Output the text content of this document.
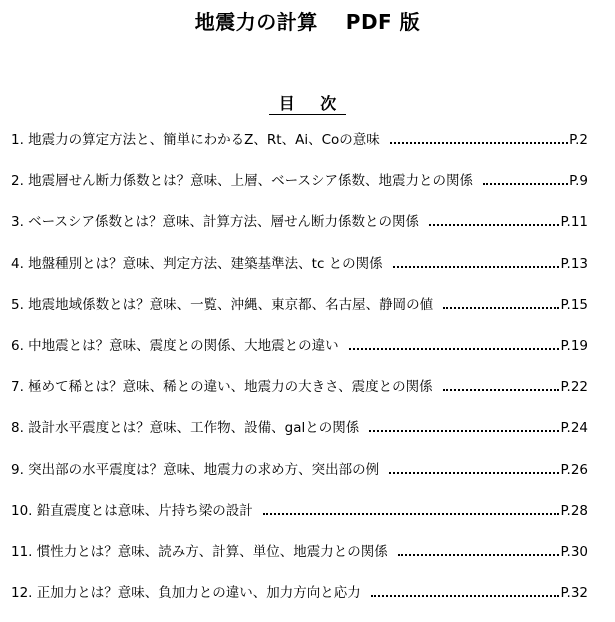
地震力の計算 PDF 版
目 次
1. 地震力の算定方法と、簡単にわかるZ、Rt、Ai、Coの意味	P.2
2. 地震層せん断力係数とは？意味、上層、ベースシア係数、地震力との関係	P.9
3. ベースシア係数とは？意味、計算方法、層せん断力係数との関係	P.11
4. 地盤種別とは？意味、判定方法、建築基準法、tc との関係	P.13
5. 地震地域係数とは？意味、一覧、沖縄、東京都、名古屋、静岡の値	P.15
6. 中地震とは？意味、震度との関係、大地震との違い	P.19
7. 極めて稀とは？意味、稀との違い、地震力の大きさ、震度との関係	P.22
8. 設計水平震度とは？意味、工作物、設備、galとの関係	P.24
9. 突出部の水平震度は？意味、地震力の求め方、突出部の例	P.26
10. 鉛直震度とは意味、片持ち梁の設計	P.28
11. 慣性力とは？意味、読み方、計算、単位、地震力との関係	P.30
12. 正加力とは？意味、負加力との違い、加力方向と応力	P.32
